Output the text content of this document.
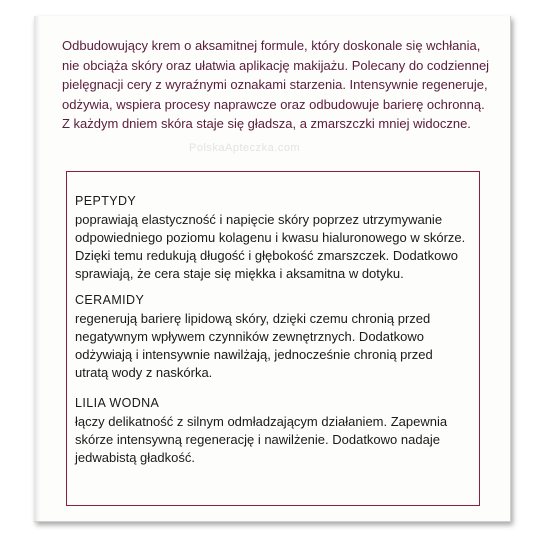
Odbudowujący krem o aksamitnej formule, który doskonale się wchłania,
nie obciąża skóry oraz ułatwia aplikację makijażu. Polecany do codziennej
pielęgnacji cery z wyraźnymi oznakami starzenia. Intensywnie regeneruje,
odżywia, wspiera procesy naprawcze oraz odbudowuje barierę ochronną.
Z każdym dniem skóra staje się gładsza, a zmarszczki mniej widoczne.

PolskaApteczka.com
PEPTYDY
poprawiają elastyczność i napięcie skóry poprzez utrzymywanie
odpowiedniego poziomu kolagenu i kwasu hialuronowego w skórze.
Dzięki temu redukują długość i głębokość zmarszczek. Dodatkowo
sprawiają, że cera staje się miękka i aksamitna w dotyku.
CERAMIDY
regenerują barierę lipidową skóry, dzięki czemu chronią przed
negatywnym wpływem czynników zewnętrznych. Dodatkowo
odżywiają i intensywnie nawilżają, jednocześnie chronią przed
utratą wody z naskórka.
LILIA WODNA
łączy delikatność z silnym odmładzającym działaniem. Zapewnia
skórze intensywną regenerację i nawilżenie. Dodatkowo nadaje
jedwabistą gładkość.
